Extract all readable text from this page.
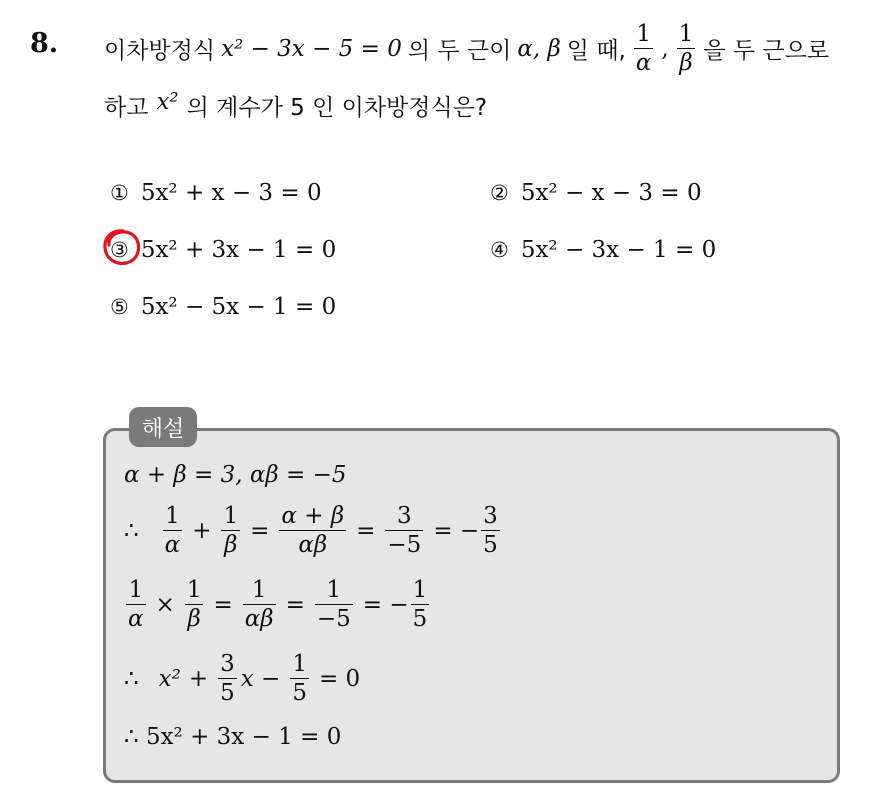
8. 이차방정식 x² − 3x − 5 = 0 의 두 근이 α, β 일 때, $\frac{1}{\alpha}$ , $\frac{1}{\beta}$ 을 두 근으로
하고 x² 의 계수가 5 인 이차방정식은?
① 5x² + x − 3 = 0	② 5x² − x − 3 = 0
③ 5x² + 3x − 1 = 0	④ 5x² − 3x − 1 = 0
⑤ 5x² − 5x − 1 = 0
해설
α + β = 3, αβ = −5
∴ $\frac{1}{\alpha} + \frac{1}{\beta} = \frac{\alpha + \beta}{\alpha\beta} = \frac{3}{-5}$ = − $\frac{3}{5}$
$\frac{1}{\alpha} \times \frac{1}{\beta} = \frac{1}{\alpha\beta} = \frac{1}{-5}$ = − $\frac{1}{5}$
∴ $x^2 + \frac{3}{5}$ $x - \frac{1}{5} = 0$
∴ 5x² + 3x − 1 = 0
